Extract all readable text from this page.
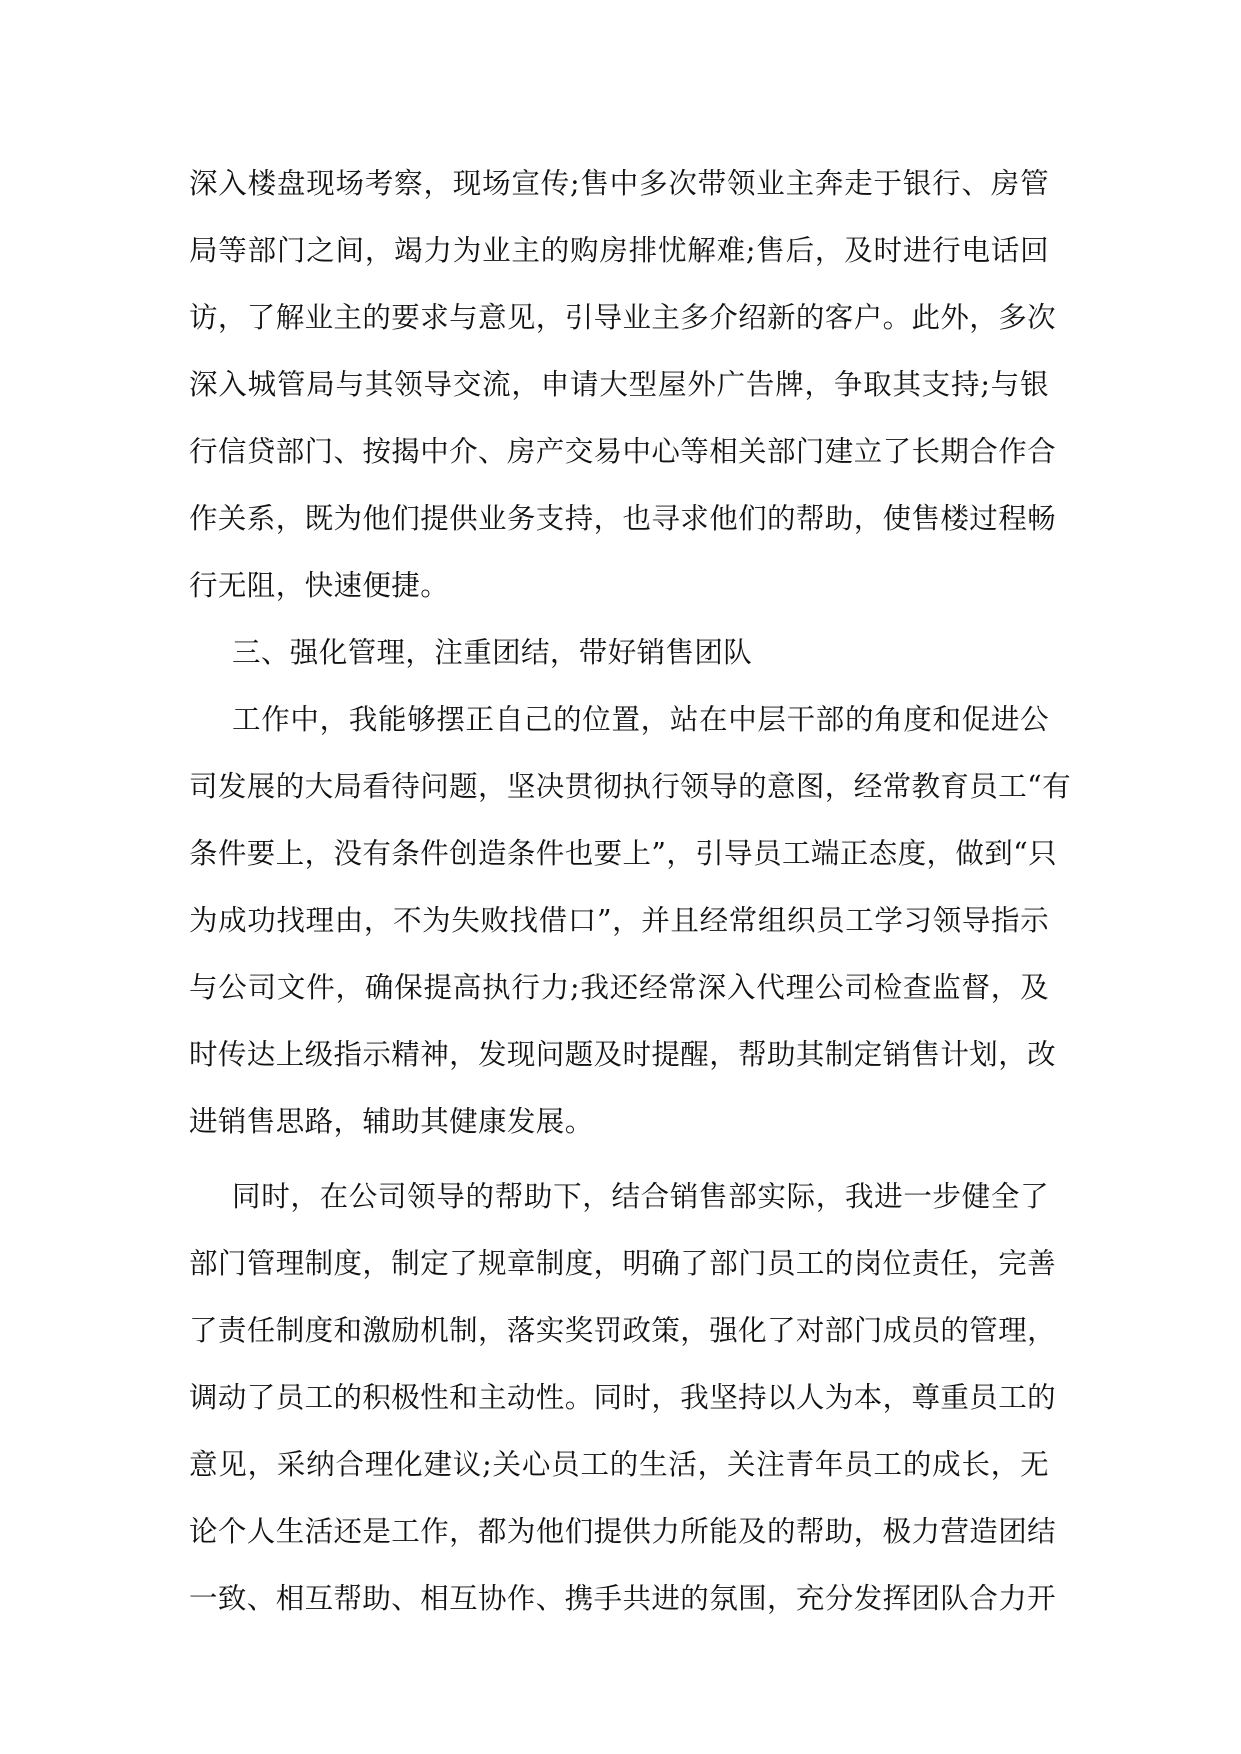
深入楼盘现场考察，现场宣传;售中多次带领业主奔走于银行、房管
局等部门之间，竭力为业主的购房排忧解难;售后，及时进行电话回
访，了解业主的要求与意见，引导业主多介绍新的客户。此外，多次
深入城管局与其领导交流，申请大型屋外广告牌，争取其支持;与银
行信贷部门、按揭中介、房产交易中心等相关部门建立了长期合作合
作关系，既为他们提供业务支持，也寻求他们的帮助，使售楼过程畅
行无阻，快速便捷。
三、强化管理，注重团结，带好销售团队
工作中，我能够摆正自己的位置，站在中层干部的角度和促进公
司发展的大局看待问题，坚决贯彻执行领导的意图，经常教育员工“有
条件要上，没有条件创造条件也要上”，引导员工端正态度，做到“只
为成功找理由，不为失败找借口”，并且经常组织员工学习领导指示
与公司文件，确保提高执行力;我还经常深入代理公司检查监督，及
时传达上级指示精神，发现问题及时提醒，帮助其制定销售计划，改
进销售思路，辅助其健康发展。
同时，在公司领导的帮助下，结合销售部实际，我进一步健全了
部门管理制度，制定了规章制度，明确了部门员工的岗位责任，完善
了责任制度和激励机制，落实奖罚政策，强化了对部门成员的管理，
调动了员工的积极性和主动性。同时，我坚持以人为本，尊重员工的
意见，采纳合理化建议;关心员工的生活，关注青年员工的成长，无
论个人生活还是工作，都为他们提供力所能及的帮助，极力营造团结
一致、相互帮助、相互协作、携手共进的氛围，充分发挥团队合力开
